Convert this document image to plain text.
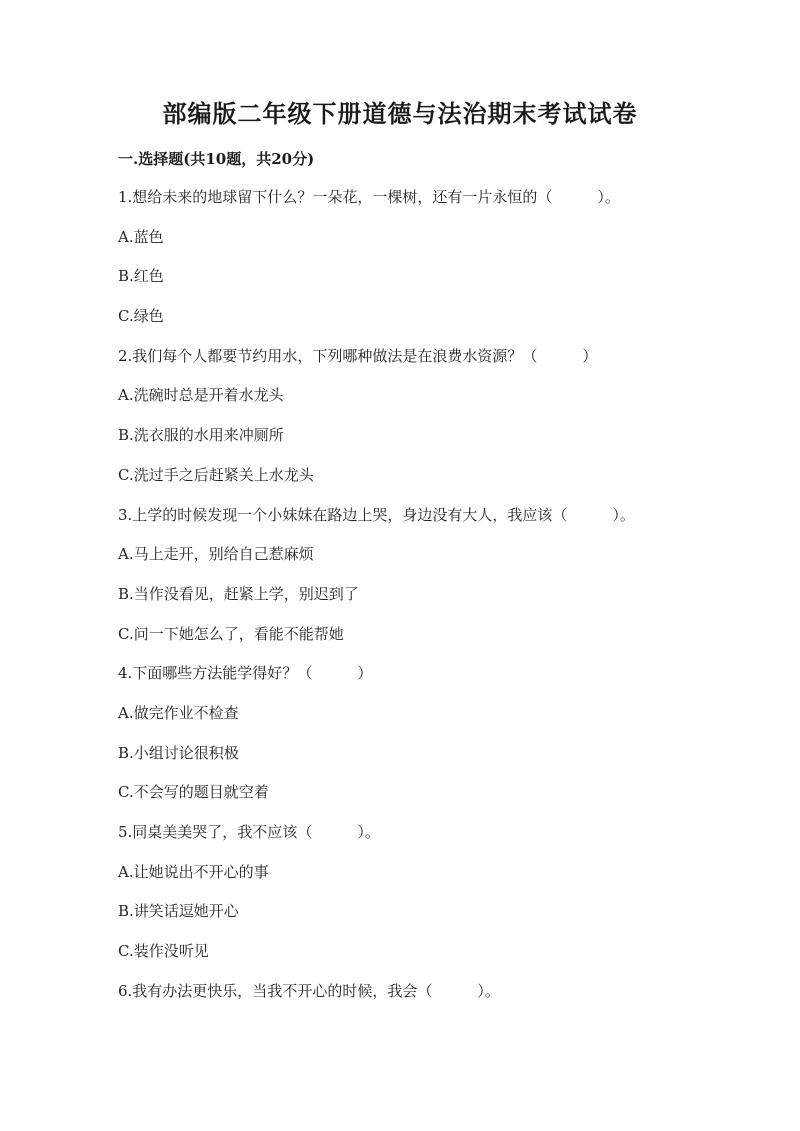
部编版二年级下册道德与法治期末考试试卷
一.选择题(共10题，共20分)
1.想给未来的地球留下什么？一朵花，一棵树，还有一片永恒的（　　　）。
A.蓝色
B.红色
C.绿色
2.我们每个人都要节约用水，下列哪种做法是在浪费水资源？（　　　）
A.洗碗时总是开着水龙头
B.洗衣服的水用来冲厕所
C.洗过手之后赶紧关上水龙头
3.上学的时候发现一个小妹妹在路边上哭，身边没有大人，我应该（　　　）。
A.马上走开，别给自己惹麻烦
B.当作没看见，赶紧上学，别迟到了
C.问一下她怎么了，看能不能帮她
4.下面哪些方法能学得好？（　　　）
A.做完作业不检查
B.小组讨论很积极
C.不会写的题目就空着
5.同桌美美哭了，我不应该（　　　）。
A.让她说出不开心的事
B.讲笑话逗她开心
C.装作没听见
6.我有办法更快乐，当我不开心的时候，我会（　　　）。
